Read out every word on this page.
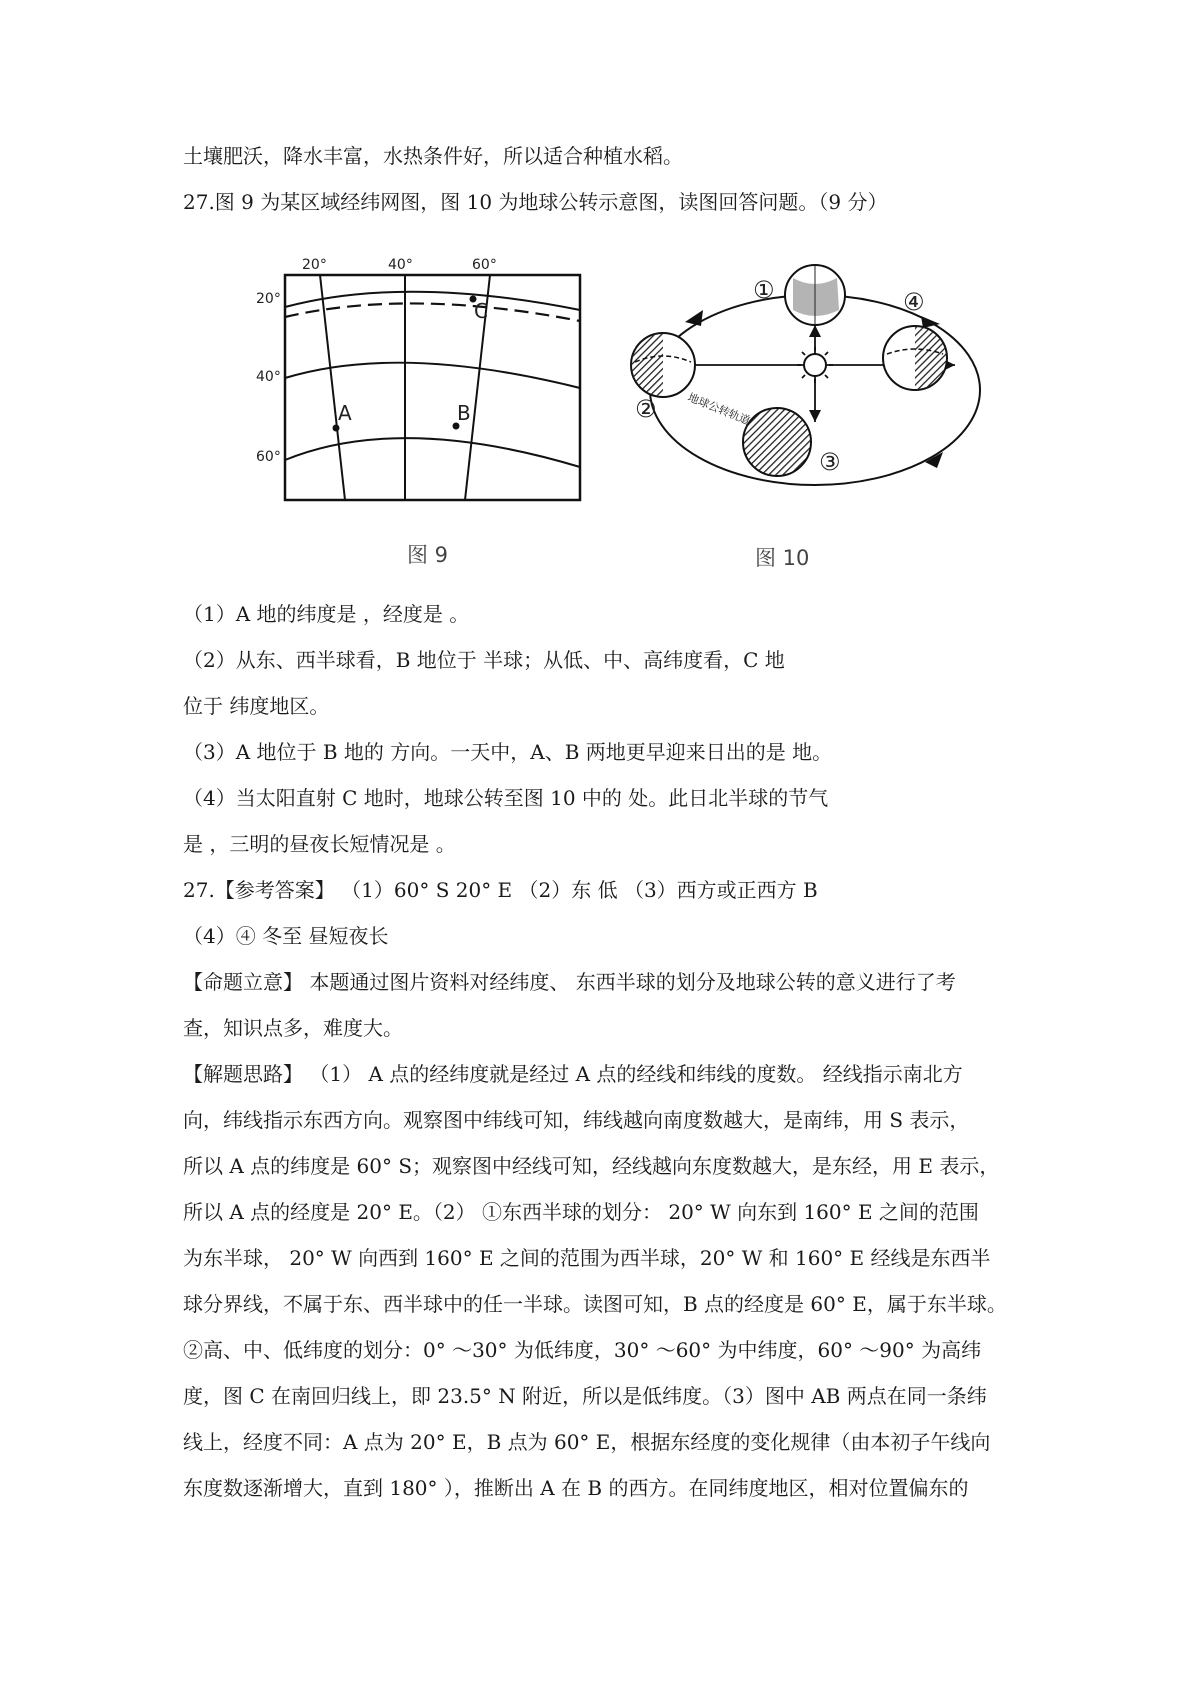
土壤肥沃，降水丰富，水热条件好，所以适合种植水稻。
27.图 9 为某区域经纬网图，图 10 为地球公转示意图，读图回答问题。（9 分）
A	B
C
20°	40°	60°
20°
40°
60°
图 9
①
②
③
④
地球公转轨道
图 10
（1）A 地的纬度是 ，经度是 。
（2）从东、西半球看，B 地位于 半球；从低、中、高纬度看，C 地
位于 纬度地区。
（3）A 地位于 B 地的 方向。一天中，A、B 两地更早迎来日出的是 地。
（4）当太阳直射 C 地时，地球公转至图 10 中的 处。此日北半球的节气
是 ，三明的昼夜长短情况是 。
27.【参考答案】 （1）60° S 20° E （2）东 低 （3）西方或正西方 B
（4）④ 冬至 昼短夜长
【命题立意】 本题通过图片资料对经纬度、 东西半球的划分及地球公转的意义进行了考
查，知识点多，难度大。
【解题思路】 （1） A 点的经纬度就是经过 A 点的经线和纬线的度数。 经线指示南北方
向，纬线指示东西方向。观察图中纬线可知，纬线越向南度数越大，是南纬，用 S 表示，
所以 A 点的纬度是 60° S；观察图中经线可知，经线越向东度数越大，是东经，用 E 表示，
所以 A 点的经度是 20° E。（2） ①东西半球的划分： 20° W 向东到 160° E 之间的范围
为东半球， 20° W 向西到 160° E 之间的范围为西半球，20° W 和 160° E 经线是东西半
球分界线，不属于东、西半球中的任一半球。读图可知，B 点的经度是 60° E，属于东半球。
②高、中、低纬度的划分：0° ～30° 为低纬度，30° ～60° 为中纬度，60° ～90° 为高纬
度，图 C 在南回归线上，即 23.5° N 附近，所以是低纬度。（3）图中 AB 两点在同一条纬
线上，经度不同：A 点为 20° E，B 点为 60° E，根据东经度的变化规律（由本初子午线向
东度数逐渐增大，直到 180° ），推断出 A 在 B 的西方。在同纬度地区，相对位置偏东的
